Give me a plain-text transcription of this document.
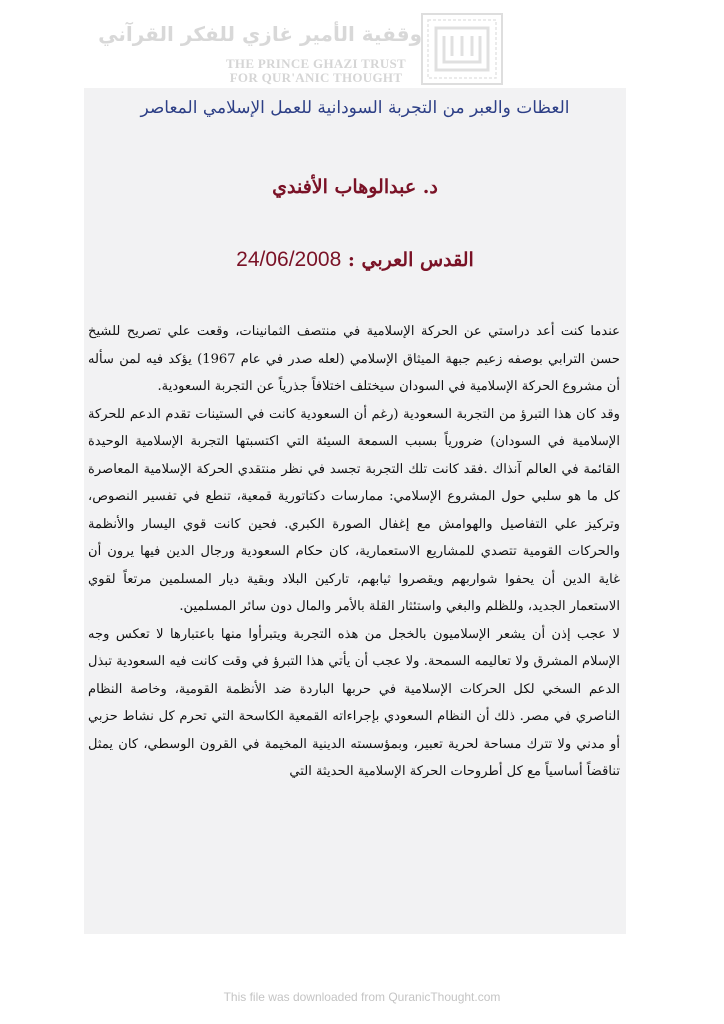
وقفية الأمير غازي للفكر القرآني
THE PRINCE GHAZI TRUST
FOR QUR'ANIC THOUGHT
العظات والعبر من التجربة السودانية للعمل الإسلامي المعاصر
د. عبدالوهاب الأفندي
القدس العربي : 24/06/2008

عندما كنت أعد دراستي عن الحركة الإسلامية في منتصف الثمانينات، وقعت علي تصريح للشيخ حسن الترابي بوصفه زعيم جبهة الميثاق الإسلامي (لعله صدر في عام 1967) يؤكد فيه لمن سأله أن مشروع الحركة الإسلامية في السودان سيختلف اختلافاً جذرياً عن التجربة السعودية.

وقد كان هذا التبرؤ من التجربة السعودية (رغم أن السعودية كانت في الستينات تقدم الدعم للحركة الإسلامية في السودان) ضرورياً بسبب السمعة السيئة التي اكتسبتها التجربة الإسلامية الوحيدة القائمة في العالم آنذاك .فقد كانت تلك التجربة تجسد في نظر منتقدي الحركة الإسلامية المعاصرة كل ما هو سلبي حول المشروع الإسلامي: ممارسات دكتاتورية قمعية، تنطع في تفسير النصوص، وتركيز علي التفاصيل والهوامش مع إغفال الصورة الكبري. فحين كانت قوي اليسار والأنظمة والحركات القومية تتصدي للمشاريع الاستعمارية، كان حكام السعودية ورجال الدين فيها يرون أن غاية الدين أن يحفوا شواربهم ويقصروا ثيابهم، تاركين البلاد وبقية ديار المسلمين مرتعاً لقوي الاستعمار الجديد، وللظلم والبغي واستئثار القلة بالأمر والمال دون سائر المسلمين.

لا عجب إذن أن يشعر الإسلاميون بالخجل من هذه التجربة ويتبرأوا منها باعتبارها لا تعكس وجه الإسلام المشرق ولا تعاليمه السمحة. ولا عجب أن يأتي هذا التبرؤ في وقت كانت فيه السعودية تبذل الدعم السخي لكل الحركات الإسلامية في حربها الباردة ضد الأنظمة القومية، وخاصة النظام الناصري في مصر. ذلك أن النظام السعودي بإجراءاته القمعية الكاسحة التي تحرم كل نشاط حزبي أو مدني ولا تترك مساحة لحرية تعبير، وبمؤسسته الدينية المخيمة في القرون الوسطي، كان يمثل تناقضاً أساسياً مع كل أطروحات الحركة الإسلامية الحديثة التي

This file was downloaded from QuranicThought.com
